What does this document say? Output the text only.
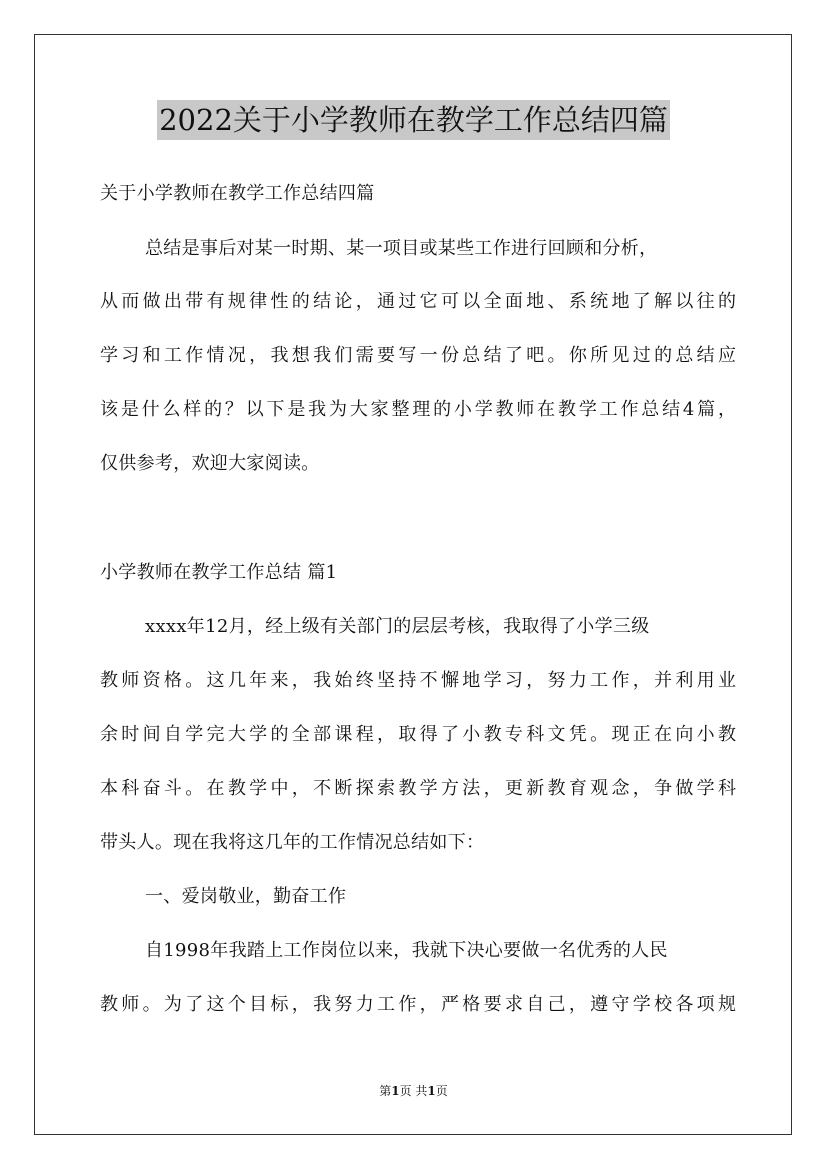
2022关于小学教师在教学工作总结四篇
关于小学教师在教学工作总结四篇
总结是事后对某一时期、某一项目或某些工作进行回顾和分析，
从而做出带有规律性的结论，通过它可以全面地、系统地了解以往的
学习和工作情况，我想我们需要写一份总结了吧。你所见过的总结应
该是什么样的？以下是我为大家整理的小学教师在教学工作总结4篇，
仅供参考，欢迎大家阅读。
小学教师在教学工作总结 篇1
xxxx年12月，经上级有关部门的层层考核，我取得了小学三级
教师资格。这几年来，我始终坚持不懈地学习，努力工作，并利用业
余时间自学完大学的全部课程，取得了小教专科文凭。现正在向小教
本科奋斗。在教学中，不断探索教学方法，更新教育观念，争做学科
带头人。现在我将这几年的工作情况总结如下：
一、爱岗敬业，勤奋工作
自1998年我踏上工作岗位以来，我就下决心要做一名优秀的人民
教师。为了这个目标，我努力工作，严格要求自己，遵守学校各项规
第1页 共1页
